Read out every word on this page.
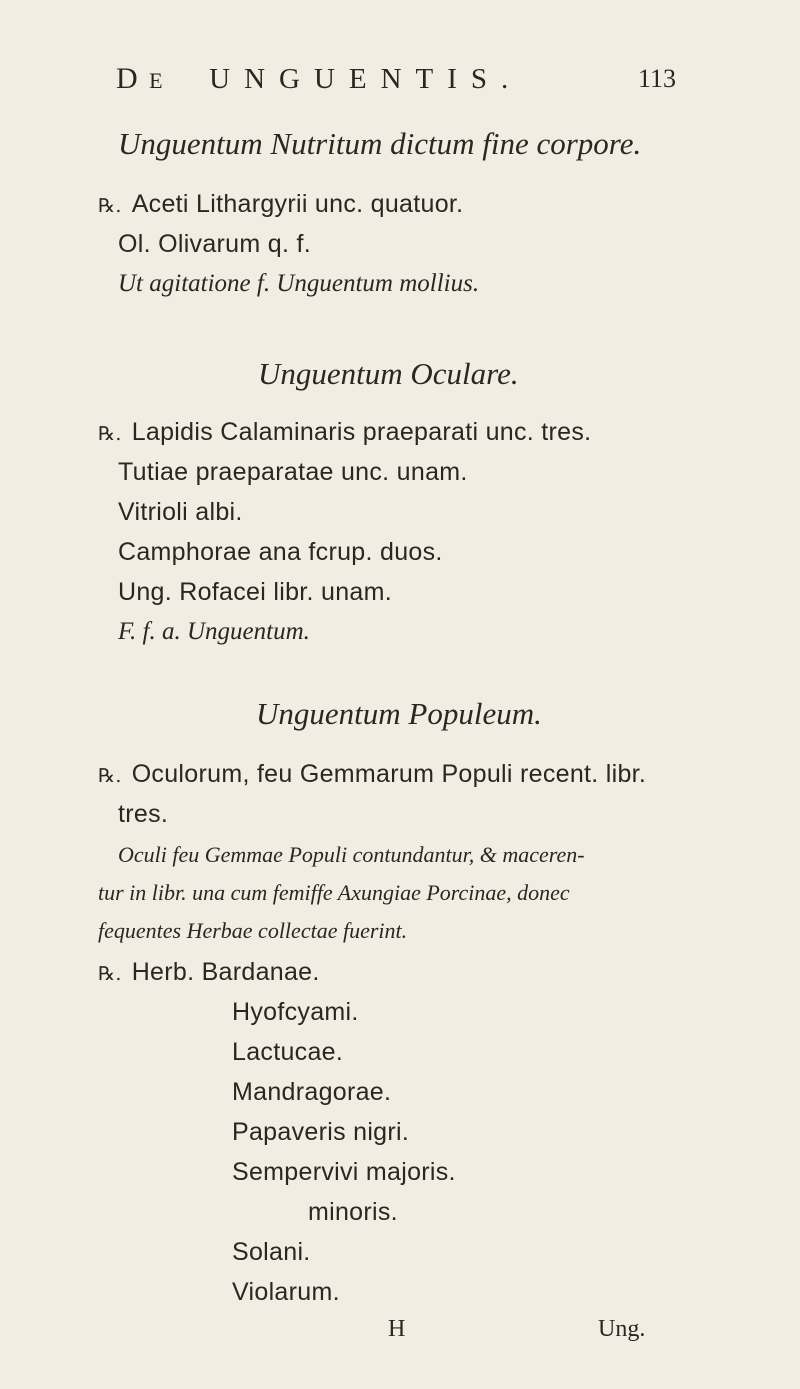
D E UNGUENTIS.	113
Unguentum Nutritum dictum fine corpore.
℞. Aceti Lithargyrii unc. quatuor.
Ol. Olivarum q. f.
Ut agitatione f. Unguentum mollius.
Unguentum Oculare.
℞. Lapidis Calaminaris praeparati unc. tres.
Tutiae praeparatae unc. unam.
Vitrioli albi.
Camphorae ana fcrup. duos.
Ung. Rofacei libr. unam.
F. f. a. Unguentum.
Unguentum Populeum.
℞. Oculorum, feu Gemmarum Populi recent. libr.
tres.
Oculi feu Gemmae Populi contundantur, & maceren-
tur in libr. una cum femiffe Axungiae Porcinae, donec
fequentes Herbae collectae fuerint.
℞. Herb. Bardanae.
Hyofcyami.
Lactucae.
Mandragorae.
Papaveris nigri.
Sempervivi majoris.
minoris.
Solani.
Violarum.
H	Ung.
